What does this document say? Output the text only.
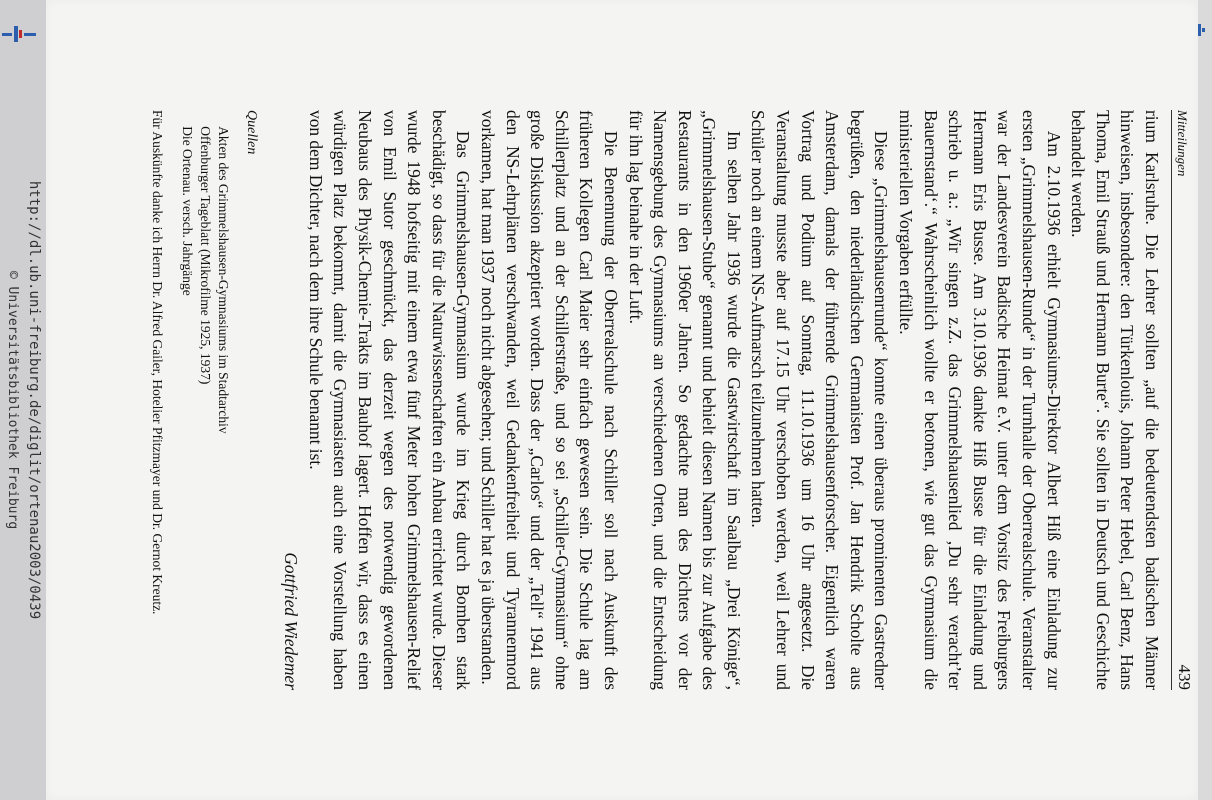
http://dl.ub.uni-freiburg.de/diglit/ortenau2003/0439
© Universitätsbibliothek Freiburg
Mitteilungen
439

rium Karlsruhe. Die Lehrer sollten „auf die bedeutendsten badischen Männer hinweisen, insbesondere: den Türkenlouis, Johann Peter Hebel, Carl Benz, Hans Thoma, Emil Strauß und Hermann Burte“. Sie sollten in Deutsch und Geschichte behandelt werden.

Am 2.10.1936 erhielt Gymnasiums-Direktor Albert Hiß eine Einladung zur ersten „Grimmelshausen-Runde“ in der Turnhalle der Oberrealschule. Veranstalter war der Landesverein Badische Heimat e.V. unter dem Vorsitz des Freiburgers Hermann Eris Busse. Am 3.10.1936 dankte Hiß Busse für die Einladung und schrieb u. a.: „Wir singen z.Z. das Grimmelshausenlied ‚Du sehr veracht’ter Bauernstand‘.“ Wahrscheinlich wollte er betonen, wie gut das Gymnasium die ministeriellen Vorgaben erfüllte.

Diese „Grimmelshausenrunde“ konnte einen überaus prominenten Gastredner begrüßen, den niederländischen Germanisten Prof. Jan Hendrik Scholte aus Amsterdam, damals der führende Grimmelshausenforscher. Eigentlich waren Vortrag und Podium auf Sonntag, 11.10.1936 um 16 Uhr angesetzt. Die Veranstaltung musste aber auf 17.15 Uhr verschoben werden, weil Lehrer und Schüler noch an einem NS-Aufmarsch teilzunehmen hatten.

Im selben Jahr 1936 wurde die Gastwirtschaft im Saalbau „Drei Könige“, „Grimmelshausen-Stube“ genannt und behielt diesen Namen bis zur Aufgabe des Restaurants in den 1960er Jahren. So gedachte man des Dichters vor der Namensgebung des Gymnasiums an verschiedenen Orten, und die Entscheidung für ihn lag beinahe in der Luft.

Die Benennung der Oberrealschule nach Schiller soll nach Auskunft des früheren Kollegen Carl Maier sehr einfach gewesen sein. Die Schule lag am Schillerplatz und an der Schillerstraße, und so sei „Schiller-Gymnasium“ ohne große Diskussion akzeptiert worden. Dass der „Carlos“ und der „Tell“ 1941 aus den NS-Lehrplänen verschwanden, weil Gedankenfreiheit und Tyrannenmord vorkamen, hat man 1937 noch nicht abgesehen; und Schiller hat es ja überstanden.

Das Grimmelshausen-Gymnasium wurde im Krieg durch Bomben stark beschädigt, so dass für die Naturwissenschaften ein Anbau errichtet wurde. Dieser wurde 1948 hofseitig mit einem etwa fünf Meter hohen Grimmelshausen-Relief von Emil Sutor geschmückt, das derzeit wegen des notwendig gewordenen Neubaus des Physik-Chemie-Trakts im Bauhof lagert. Hoffen wir, dass es einen würdigen Platz bekommt, damit die Gymnasiasten auch eine Vorstellung haben von dem Dichter, nach dem ihre Schule benannt ist.

Gottfried Wiedemer

Quellen

Akten des Grimmelshausen-Gymnasiums im Stadtarchiv

Offenburger Tageblatt (Mikrofilme 1925, 1937)

Die Ortenau. versch. Jahrgänge

Für Auskünfte danke ich Herrn Dr. Alfred Gailer, Hotelier Pfitzmayer und Dr. Gernot Kreutz.
